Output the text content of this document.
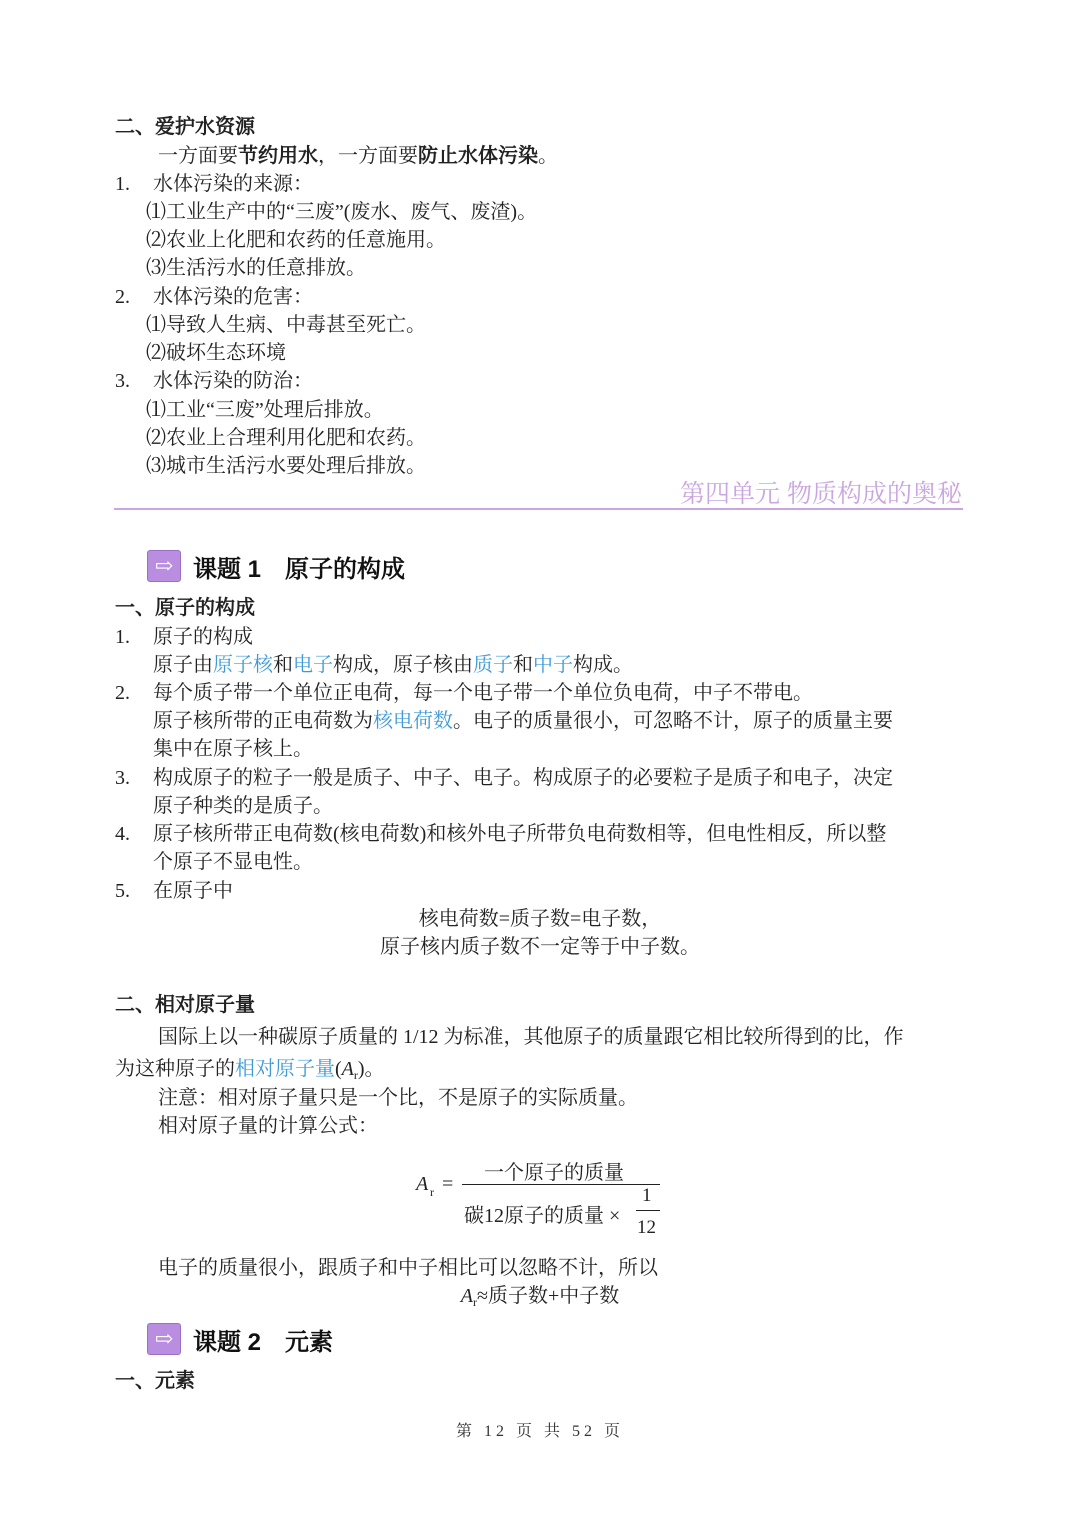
第四单元 物质构成的奥秘
⇨ 课题 1 原子的构成
⇨ 课题 2 元素
A r = 一个原子的质量
碳12原子的质量 ×
1
12
第 12 页 共 52 页
二、爱护水资源
一方面要节约用水，一方面要防止水体污染。
1. 水体污染的来源：
⑴工业生产中的“三废”(废水、废气、废渣)。
⑵农业上化肥和农药的任意施用。
⑶生活污水的任意排放。
2. 水体污染的危害：
⑴导致人生病、中毒甚至死亡。
⑵破坏生态环境
3. 水体污染的防治：
⑴工业“三废”处理后排放。
⑵农业上合理利用化肥和农药。
⑶城市生活污水要处理后排放。
一、原子的构成
1. 原子的构成
原子由原子核和电子构成，原子核由质子和中子构成。
2. 每个质子带一个单位正电荷，每一个电子带一个单位负电荷，中子不带电。
原子核所带的正电荷数为核电荷数。电子的质量很小，可忽略不计，原子的质量主要
集中在原子核上。
3. 构成原子的粒子一般是质子、中子、电子。构成原子的必要粒子是质子和电子，决定
原子种类的是质子。
4. 原子核所带正电荷数(核电荷数)和核外电子所带负电荷数相等，但电性相反，所以整
个原子不显电性。
5. 在原子中
核电荷数=质子数=电子数，
原子核内质子数不一定等于中子数。
二、相对原子量
国际上以一种碳原子质量的 1/12 为标准，其他原子的质量跟它相比较所得到的比，作
为这种原子的相对原子量$(A_r)$。
注意：相对原子量只是一个比，不是原子的实际质量。
相对原子量的计算公式：
电子的质量很小，跟质子和中子相比可以忽略不计，所以
$A_r\approx$质子数+中子数
一、元素
